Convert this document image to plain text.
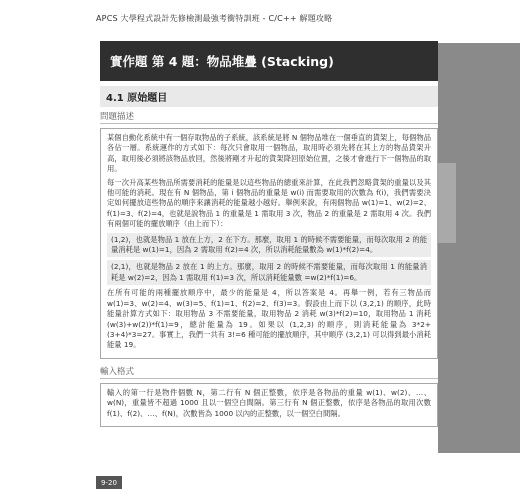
APCS 大學程式設計先修檢測最強考衝特訓班 - C/C++ 解題攻略
實作題 第 4 題：物品堆疊 (Stacking)
4.1 原始題目
問題描述

某個自動化系統中有一個存取物品的子系統，該系統是將 N 個物品堆在一個垂直的貨架上，每個物品各佔一層。系統運作的方式如下：每次只會取用一個物品，取用時必須先將在其上方的物品貨架升高，取用後必須將該物品放回，然後將剛才升起的貨架降回原始位置，之後才會進行下一個物品的取用。

每一次升高某些物品所需要消耗的能量是以這些物品的總重來計算，在此我們忽略貨架的重量以及其他可能的消耗。現在有 N 個物品，第 i 個物品的重量是 w(i) 而需要取用的次數為 f(i)，我們需要決定如何擺放這些物品的順序來讓消耗的能量越小越好。舉例來說，有兩個物品 w(1)=1、w(2)=2、f(1)=3、f(2)=4，也就是說物品 1 的重量是 1 需取用 3 次，物品 2 的重量是 2 需取用 4 次。我們有兩個可能的擺放順序（由上而下）：

(1,2)，也就是物品 1 放在上方，2 在下方。那麼，取用 1 的時候不需要能量，而每次取用 2 的能量消耗是 w(1)=1，因為 2 需取用 f(2)=4 次，所以消耗能量數為 w(1)*f(2)=4。

(2,1)，也就是物品 2 放在 1 的上方。那麼，取用 2 的時候不需要能量，而每次取用 1 的能量消耗是 w(2)=2，因為 1 需取用 f(1)=3 次，所以消耗能量數 =w(2)*f(1)=6。

在所有可能的兩種擺放順序中，最少的能量是 4，所以答案是 4。再舉一例，若有三物品而 w(1)=3、w(2)=4、w(3)=5、f(1)=1、f(2)=2、f(3)=3。假設由上而下以 (3,2,1) 的順序，此時能量計算方式如下：取用物品 3 不需要能量，取用物品 2 消耗 w(3)*f(2)=10，取用物品 1 消耗 (w(3)+w(2))*f(1)=9，總計能量為 19。如果以 (1,2,3) 的順序，則消耗能量為 3*2+(3+4)*3=27。事實上，我們一共有 3!=6 種可能的擺放順序，其中順序 (3,2,1) 可以得到最小消耗能量 19。

輸入格式

輸入的第一行是物件個數 N，第二行有 N 個正整數，依序是各物品的重量 w(1)、w(2)、…、w(N)，重量皆不超過 1000 且以一個空白間隔。第三行有 N 個正整數，依序是各物品的取用次數 f(1)、f(2)、…、f(N)，次數皆為 1000 以內的正整數，以一個空白間隔。

9-20
